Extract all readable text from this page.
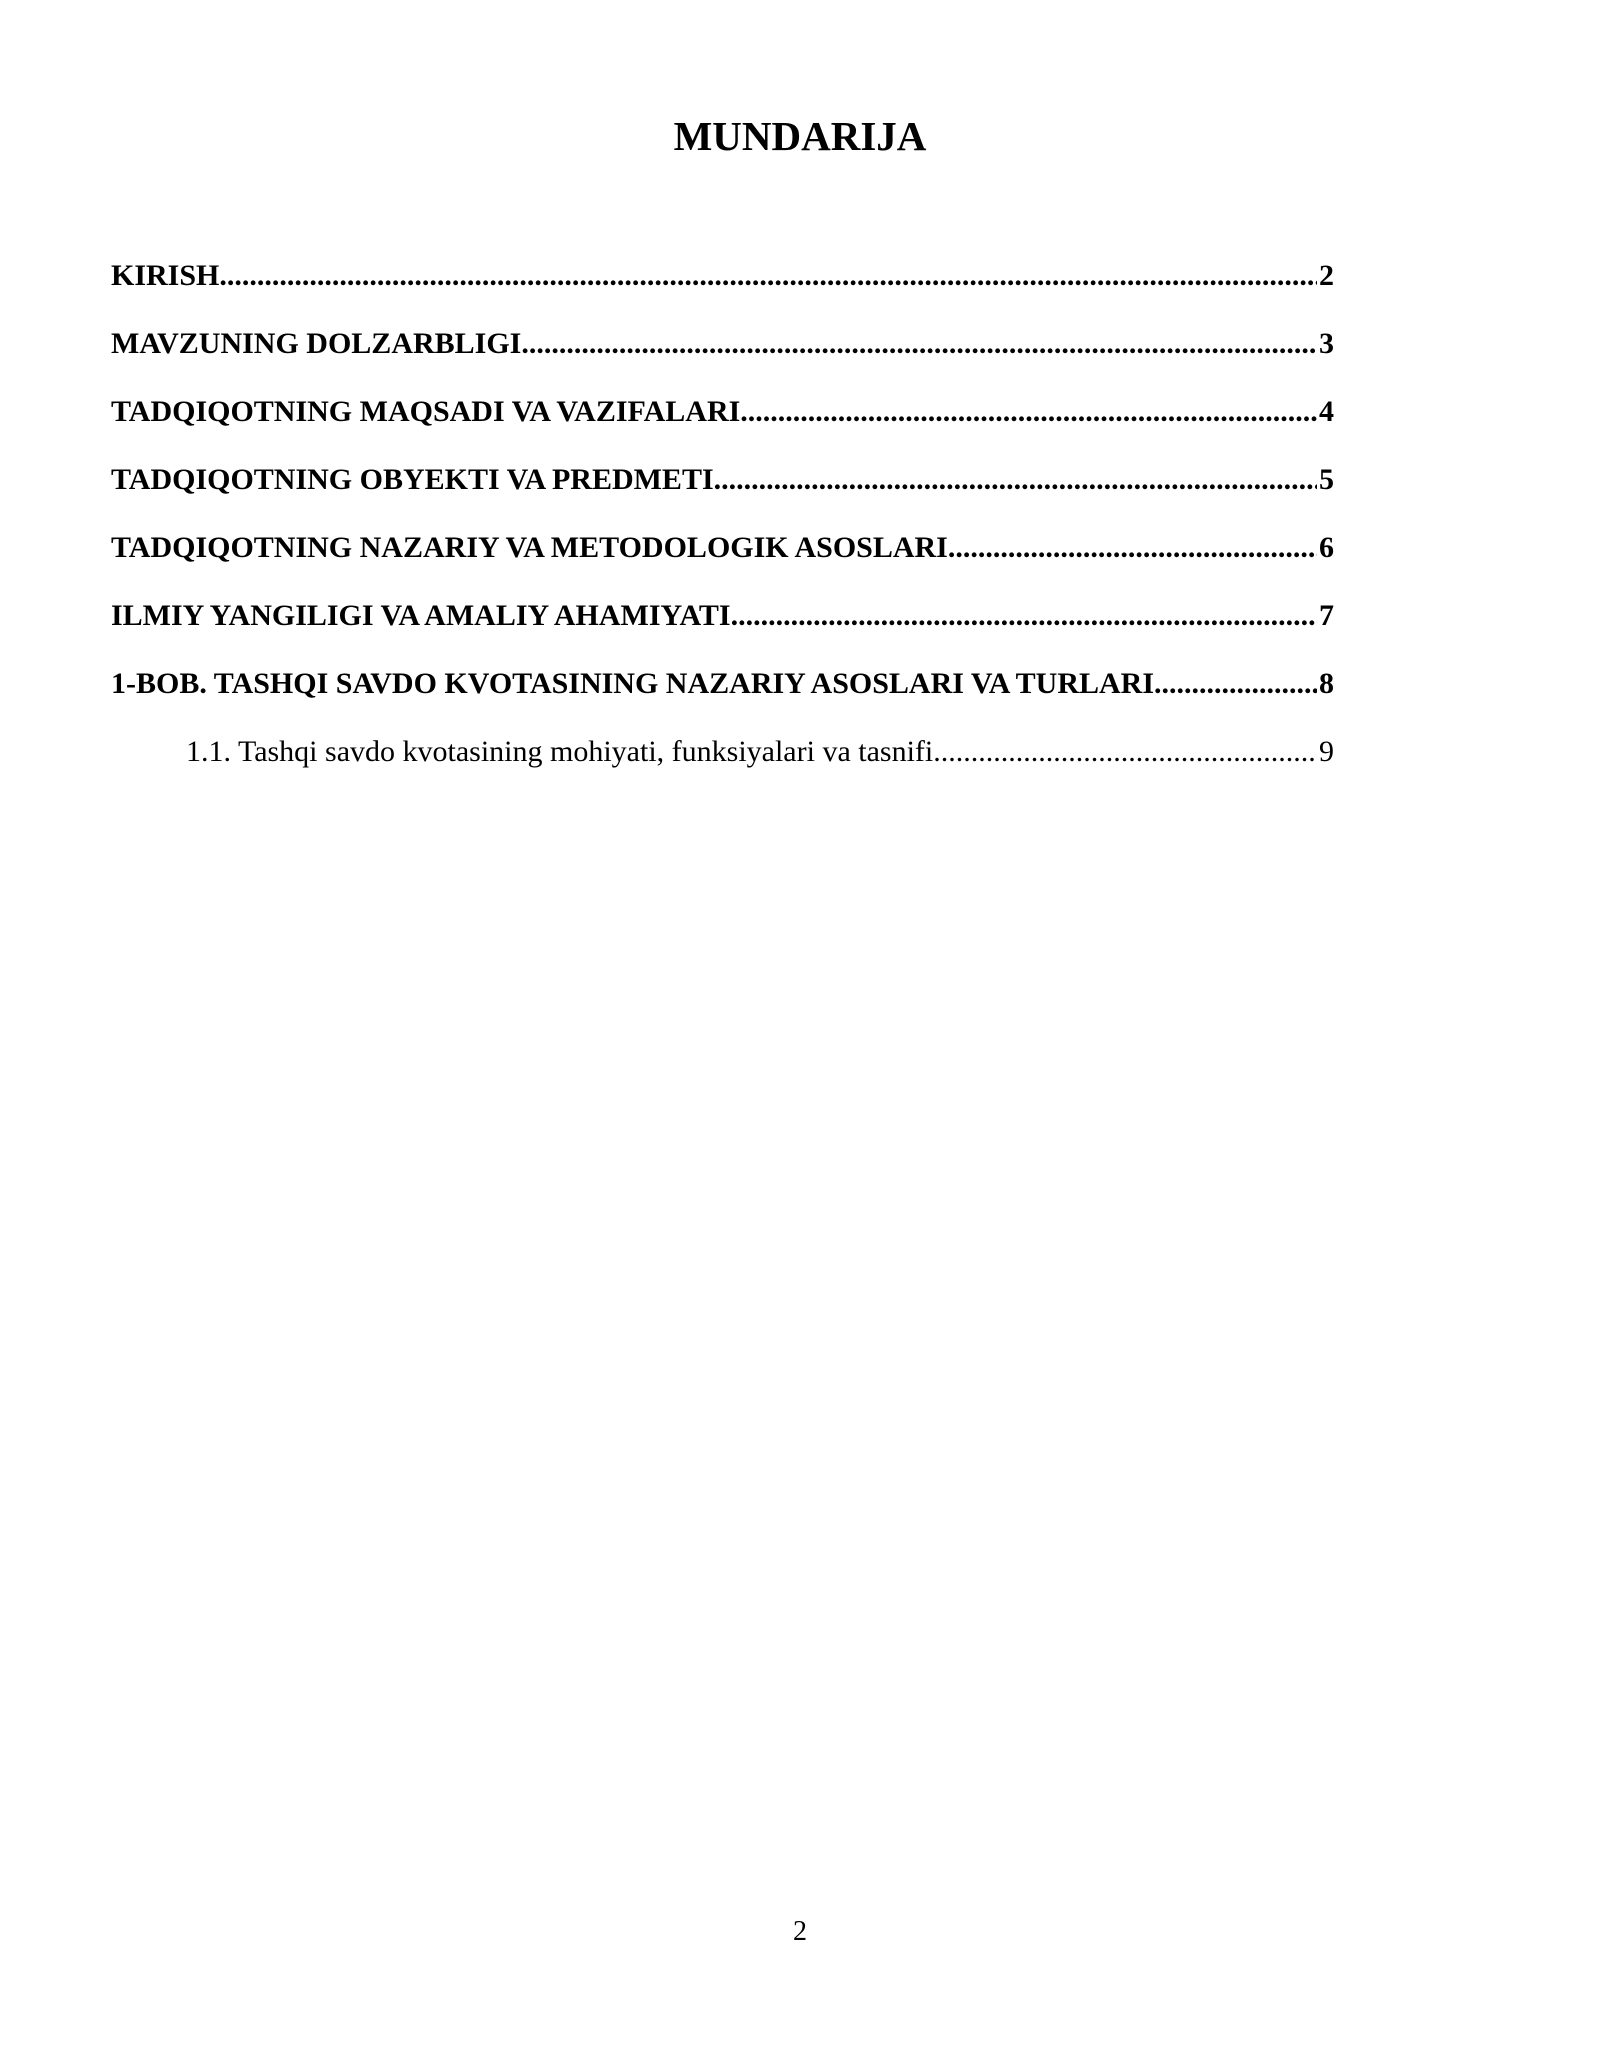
MUNDARIJA
KIRISH .....	2
MAVZUNING DOLZARBLIGI .....	3
TADQIQOTNING MAQSADI VA VAZIFALARI .....	4
TADQIQOTNING OBYEKTI VA PREDMETI .....	5
TADQIQOTNING NAZARIY VA METODOLOGIK ASOSLARI .....	6
ILMIY YANGILIGI VA AMALIY AHAMIYATI .....	7
1-BOB. TASHQI SAVDO KVOTASINING NAZARIY ASOSLARI VA TURLARI .....	8
1.1. Tashqi savdo kvotasining mohiyati, funksiyalari va tasnifi .....	9
2
